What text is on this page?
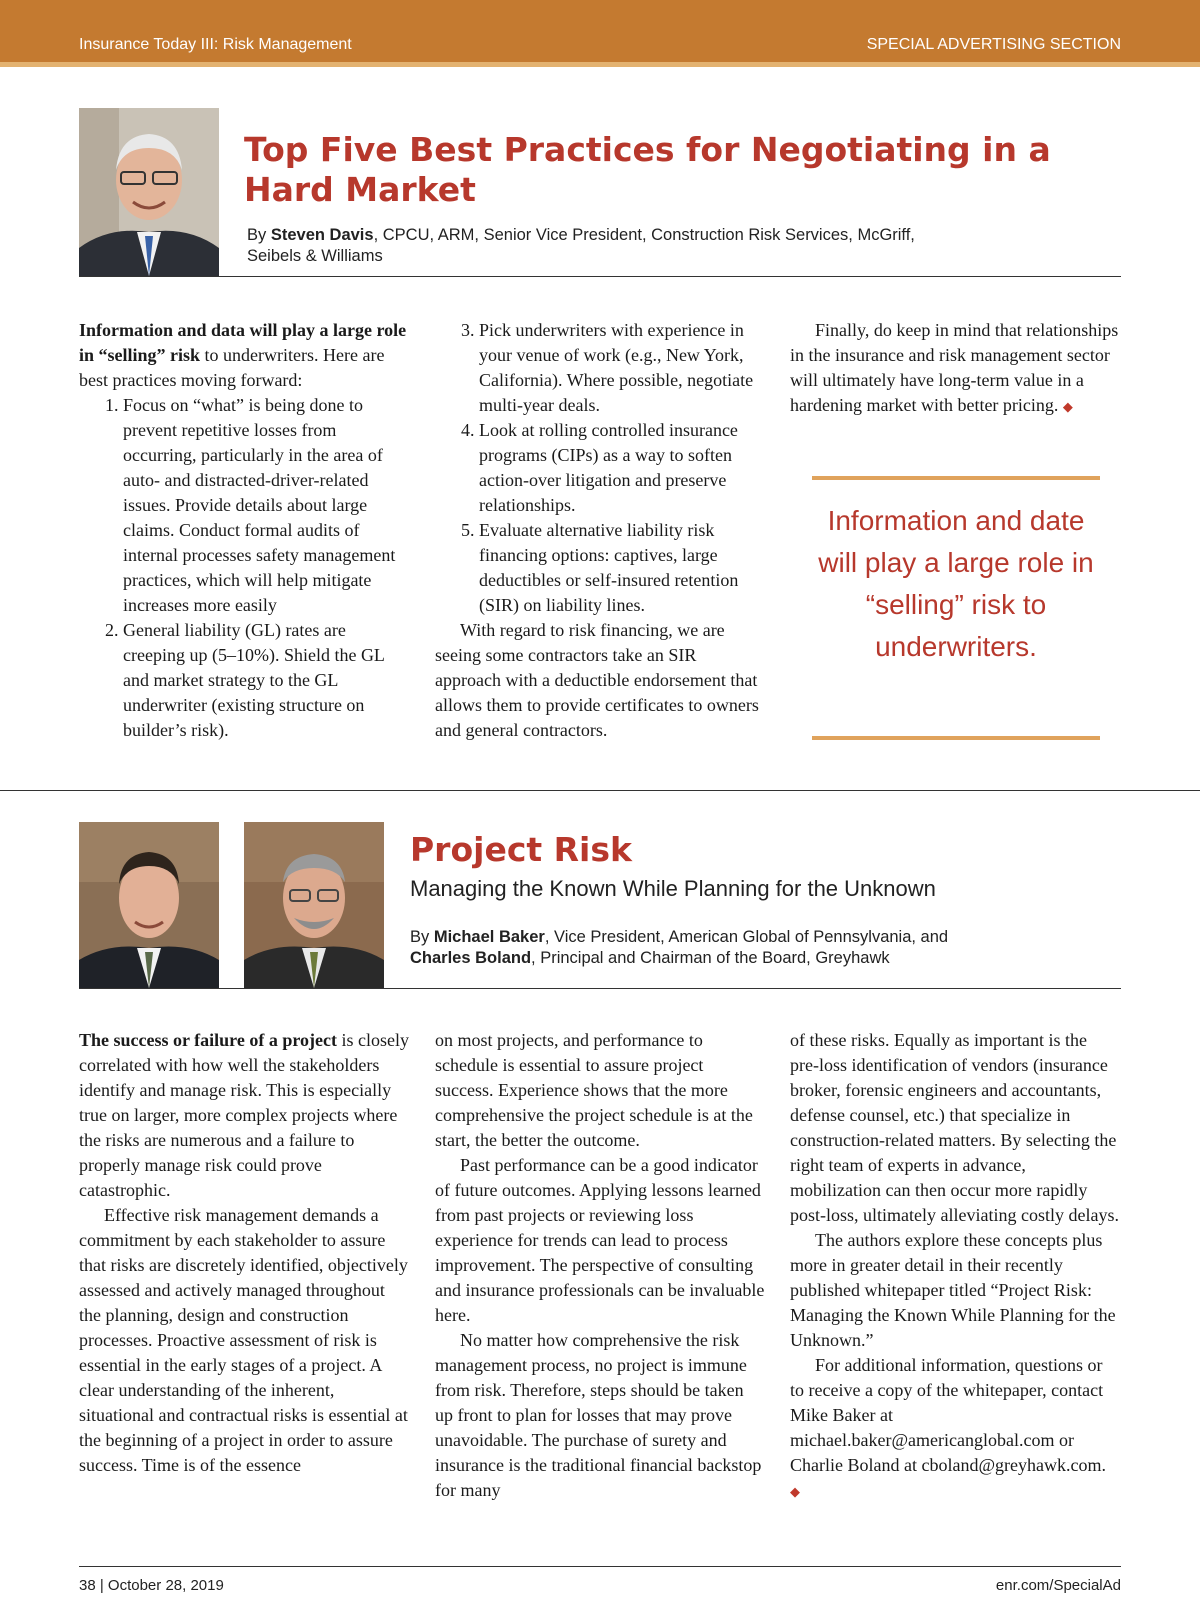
Insurance Today III: Risk Management	SPECIAL ADVERTISING SECTION
Top Five Best Practices for Negotiating in a Hard Market
By Steven Davis, CPCU, ARM, Senior Vice President, Construction Risk Services, McGriff, Seibels & Williams

Information and data will play a large role in “selling” risk to underwriters. Here are best practices moving forward:

1. Focus on “what” is being done to prevent repetitive losses from occurring, particularly in the area of auto- and distracted-driver-related issues. Provide details about large claims. Conduct formal audits of internal processes safety management practices, which will help mitigate increases more easily
2. General liability (GL) rates are creeping up (5–10%). Shield the GL and market strategy to the GL underwriter (existing structure on builder’s risk).
3. Pick underwriters with experience in your venue of work (e.g., New York, California). Where possible, negotiate multi-year deals.
4. Look at rolling controlled insurance programs (CIPs) as a way to soften action-over litigation and preserve relationships.
5. Evaluate alternative liability risk financing options: captives, large deductibles or self-insured retention (SIR) on liability lines.

With regard to risk financing, we are seeing some contractors take an SIR approach with a deductible endorsement that allows them to provide certificates to owners and general contractors.

Finally, do keep in mind that relationships in the insurance and risk management sector will ultimately have long-term value in a hardening market with better pricing. ◆

Information and date will play a large role in “selling” risk to underwriters.
Project Risk
Managing the Known While Planning for the Unknown
By Michael Baker, Vice President, American Global of Pennsylvania, and
Charles Boland, Principal and Chairman of the Board, Greyhawk

The success or failure of a project is closely correlated with how well the stakeholders identify and manage risk. This is especially true on larger, more complex projects where the risks are numerous and a failure to properly manage risk could prove catastrophic.

Effective risk management demands a commitment by each stakeholder to assure that risks are discretely identified, objectively assessed and actively managed throughout the planning, design and construction processes. Proactive assessment of risk is essential in the early stages of a project. A clear understanding of the inherent, situational and contractual risks is essential at the beginning of a project in order to assure success. Time is of the essence

on most projects, and performance to schedule is essential to assure project success. Experience shows that the more comprehensive the project schedule is at the start, the better the outcome.

Past performance can be a good indicator of future outcomes. Applying lessons learned from past projects or reviewing loss experience for trends can lead to process improvement. The perspective of consulting and insurance professionals can be invaluable here.

No matter how comprehensive the risk management process, no project is immune from risk. Therefore, steps should be taken up front to plan for losses that may prove unavoidable. The purchase of surety and insurance is the traditional financial backstop for many

of these risks. Equally as important is the pre-loss identification of vendors (insurance broker, forensic engineers and accountants, defense counsel, etc.) that specialize in construction-related matters. By selecting the right team of experts in advance, mobilization can then occur more rapidly post-loss, ultimately alleviating costly delays.

The authors explore these concepts plus more in greater detail in their recently published whitepaper titled “Project Risk: Managing the Known While Planning for the Unknown.”

For additional information, questions or to receive a copy of the whitepaper, contact Mike Baker at michael.baker@americanglobal.com or Charlie Boland at cboland@greyhawk.com. ◆

38 | October 28, 2019	enr.com/SpecialAd
